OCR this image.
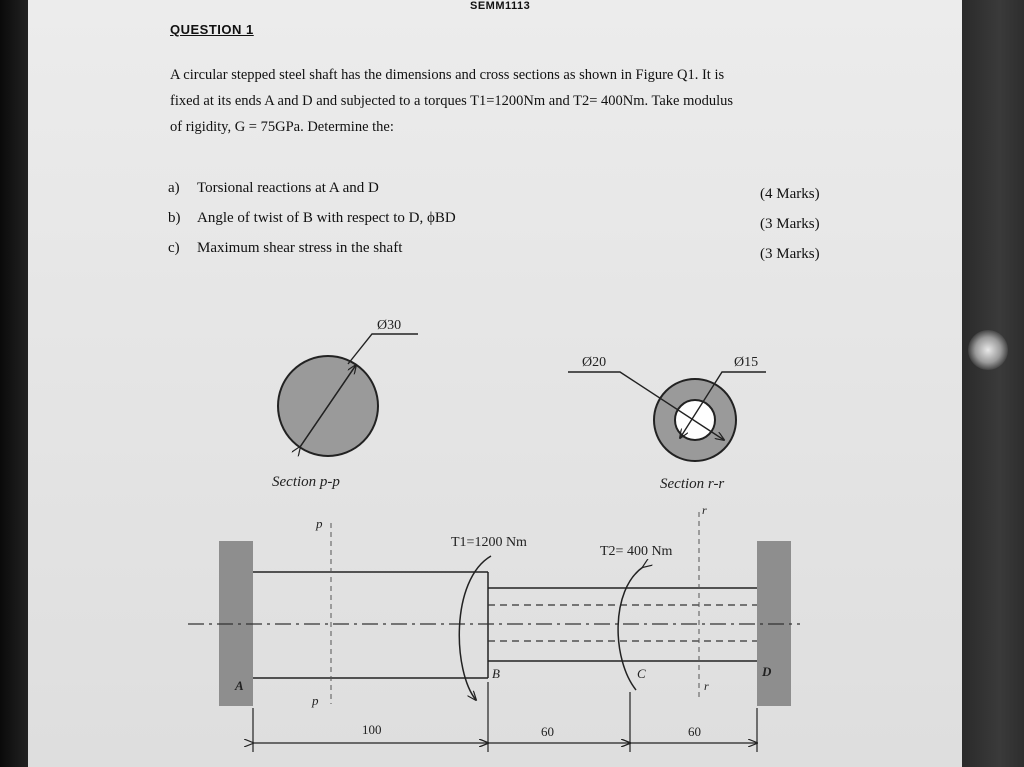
SEMM1113
QUESTION 1
A circular stepped steel shaft has the dimensions and cross sections as shown in Figure Q1. It is
fixed at its ends A and D and subjected to a torques T1=1200Nm and T2= 400Nm. Take modulus
of rigidity, G = 75GPa. Determine the:
a) Torsional reactions at A and D	(4 Marks)
b) Angle of twist of B with respect to D, ϕBD	(3 Marks)
c) Maximum shear stress in the shaft	(3 Marks)
Ø30
Section p-p
Ø20	Ø15
Section r-r
p
p
r
r
T1=1200 Nm
T2= 400 Nm
A
B	C	D
100	60	60
